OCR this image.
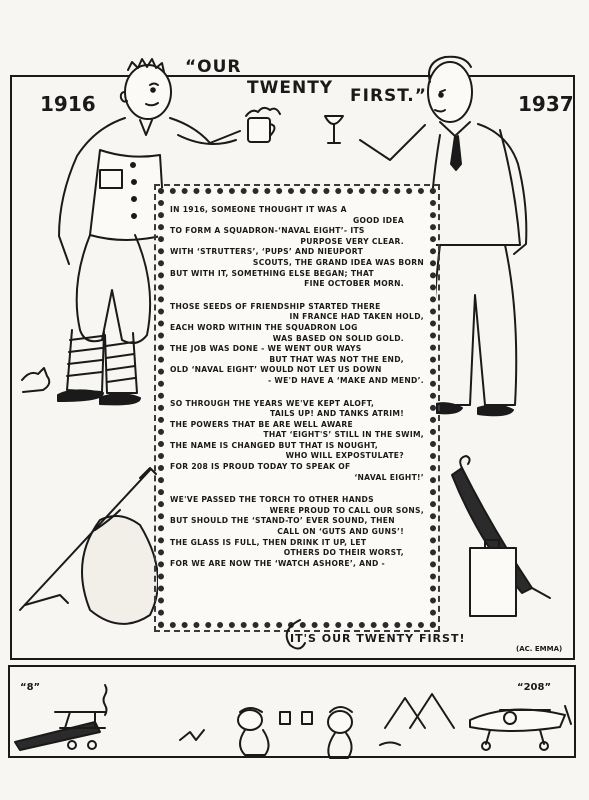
1916	1937
“OUR
TWENTY FIRST.”
IN 1916, SOMEONE THOUGHT IT WAS A
GOOD IDEA
TO FORM A SQUADRON-‘NAVAL EIGHT’- ITS
PURPOSE VERY CLEAR.
WITH ‘STRUTTERS’, ‘PUPS’ AND NIEUPORT
SCOUTS, THE GRAND IDEA WAS BORN
BUT WITH IT, SOMETHING ELSE BEGAN; THAT
FINE OCTOBER MORN.
THOSE SEEDS OF FRIENDSHIP STARTED THERE
IN FRANCE HAD TAKEN HOLD,
EACH WORD WITHIN THE SQUADRON LOG
WAS BASED ON SOLID GOLD.
THE JOB WAS DONE - WE WENT OUR WAYS
BUT THAT WAS NOT THE END,
OLD ‘NAVAL EIGHT’ WOULD NOT LET US DOWN
- WE'D HAVE A ‘MAKE AND MEND’.
SO THROUGH THE YEARS WE'VE KEPT ALOFT,
TAILS UP! AND TANKS ATRIM!
THE POWERS THAT BE ARE WELL AWARE
THAT ‘EIGHT'S’ STILL IN THE SWIM,
THE NAME IS CHANGED BUT THAT IS NOUGHT,
WHO WILL EXPOSTULATE?
FOR 208 IS PROUD TODAY TO SPEAK OF
‘NAVAL EIGHT!’
WE'VE PASSED THE TORCH TO OTHER HANDS
WERE PROUD TO CALL OUR SONS,
BUT SHOULD THE ‘STAND-TO’ EVER SOUND, THEN
CALL ON ‘GUTS AND GUNS’!
THE GLASS IS FULL, THEN DRINK IT UP, LET
OTHERS DO THEIR WORST,
FOR WE ARE NOW THE ‘WATCH ASHORE’, AND -
IT'S OUR TWENTY FIRST!
(AC. EMMA)
“8”	“208”
